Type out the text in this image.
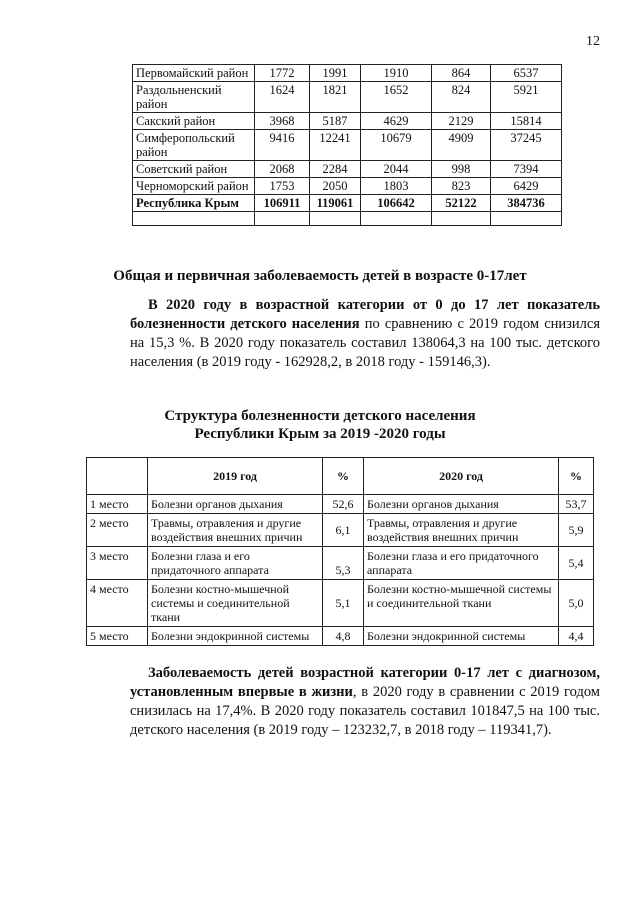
12
Первомайский район	1772	1991	1910	864	6537
Раздольненский район	1624	1821	1652	824	5921
Сакский район	3968	5187	4629	2129	15814
Симферопольский район	9416	12241	10679	4909	37245
Советский район	2068	2284	2044	998	7394
Черноморский район	1753	2050	1803	823	6429
Республика Крым	106911	119061	106642	52122	384736

Общая и первичная заболеваемость детей в возрасте 0-17лет
В 2020 году в возрастной категории от 0 до 17 лет показатель болезненности детского населения по сравнению с 2019 годом снизился на 15,3 %. В 2020 году показатель составил 138064,3 на 100 тыс. детского населения (в 2019 году - 162928,2, в 2018 году - 159146,3).
Структура болезненности детского населения
Республики Крым за 2019 -2020 годы
	2019 год	%	2020 год	%
1 место	Болезни органов дыхания	52,6	Болезни органов дыхания	53,7
2 место	Травмы, отравления и другие воздействия внешних причин	6,1	Травмы, отравления и другие воздействия внешних причин	5,9
3 место	Болезни глаза и его придаточного аппарата	5,3	Болезни глаза и его придаточного аппарата	5,4
4 место	Болезни костно-мышечной системы и соединительной ткани	5,1	Болезни костно-мышечной системы и соединительной ткани	5,0
5 место	Болезни эндокринной системы	4,8	Болезни эндокринной системы	4,4
Заболеваемость детей возрастной категории 0-17 лет с диагнозом, установленным впервые в жизни, в 2020 году в сравнении с 2019 годом снизилась на 17,4%. В 2020 году показатель составил 101847,5 на 100 тыс. детского населения (в 2019 году – 123232,7, в 2018 году – 119341,7).
